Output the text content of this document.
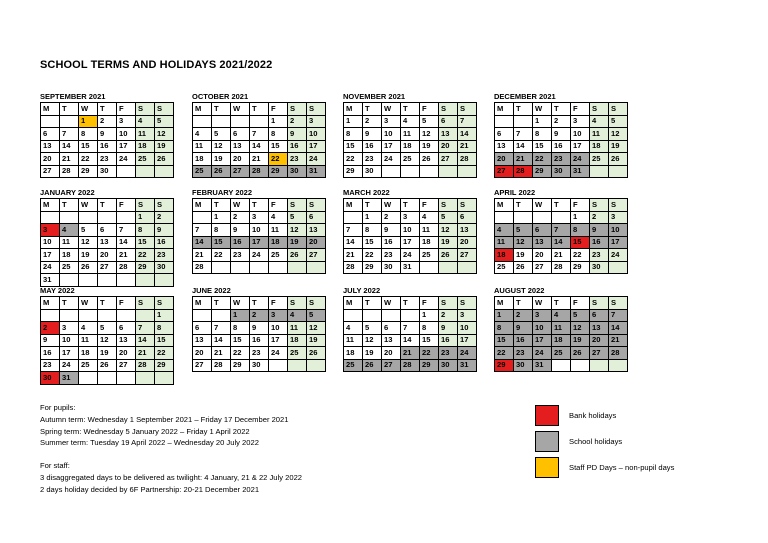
SCHOOL TERMS AND HOLIDAYS 2021/2022
SEPTEMBER 2021
M	T	W	T	F	S	S
		1	2	3	4	5
6	7	8	9	10	11	12
13	14	15	16	17	18	19
20	21	22	23	24	25	26
27	28	29	30			
OCTOBER 2021
M	T	W	T	F	S	S
				1	2	3
4	5	6	7	8	9	10
11	12	13	14	15	16	17
18	19	20	21	22	23	24
25	26	27	28	29	30	31
NOVEMBER 2021
M	T	W	T	F	S	S
1	2	3	4	5	6	7
8	9	10	11	12	13	14
15	16	17	18	19	20	21
22	23	24	25	26	27	28
29	30					
DECEMBER 2021
M	T	W	T	F	S	S
		1	2	3	4	5
6	7	8	9	10	11	12
13	14	15	16	17	18	19
20	21	22	23	24	25	26
27	28	29	30	31		
JANUARY 2022
M	T	W	T	F	S	S
					1	2
3	4	5	6	7	8	9
10	11	12	13	14	15	16
17	18	19	20	21	22	23
24	25	26	27	28	29	30
31						
FEBRUARY 2022
M	T	W	T	F	S	S
	1	2	3	4	5	6
7	8	9	10	11	12	13
14	15	16	17	18	19	20
21	22	23	24	25	26	27
28						
MARCH 2022
M	T	W	T	F	S	S
	1	2	3	4	5	6
7	8	9	10	11	12	13
14	15	16	17	18	19	20
21	22	23	24	25	26	27
28	29	30	31			
APRIL 2022
M	T	W	T	F	S	S
				1	2	3
4	5	6	7	8	9	10
11	12	13	14	15	16	17
18	19	20	21	22	23	24
25	26	27	28	29	30	
MAY 2022
M	T	W	T	F	S	S
						1
2	3	4	5	6	7	8
9	10	11	12	13	14	15
16	17	18	19	20	21	22
23	24	25	26	27	28	29
30	31					
JUNE 2022
M	T	W	T	F	S	S
		1	2	3	4	5
6	7	8	9	10	11	12
13	14	15	16	17	18	19
20	21	22	23	24	25	26
27	28	29	30			
JULY 2022
M	T	W	T	F	S	S
				1	2	3
4	5	6	7	8	9	10
11	12	13	14	15	16	17
18	19	20	21	22	23	24
25	26	27	28	29	30	31
AUGUST 2022
M	T	W	T	F	S	S
1	2	3	4	5	6	7
8	9	10	11	12	13	14
15	16	17	18	19	20	21
22	23	24	25	26	27	28
29	30	31				
For pupils:
Autumn term: Wednesday 1 September 2021 – Friday 17 December 2021
Spring term: Wednesday 5 January 2022 – Friday 1 April 2022
Summer term: Tuesday 19 April 2022 – Wednesday 20 July 2022
For staff:
3 disaggregated days to be delivered as twilight: 4 January, 21 & 22 July 2022
2 days holiday decided by 6F Partnership: 20-21 December 2021
Bank holidays
School holidays
Staff PD Days – non-pupil days
